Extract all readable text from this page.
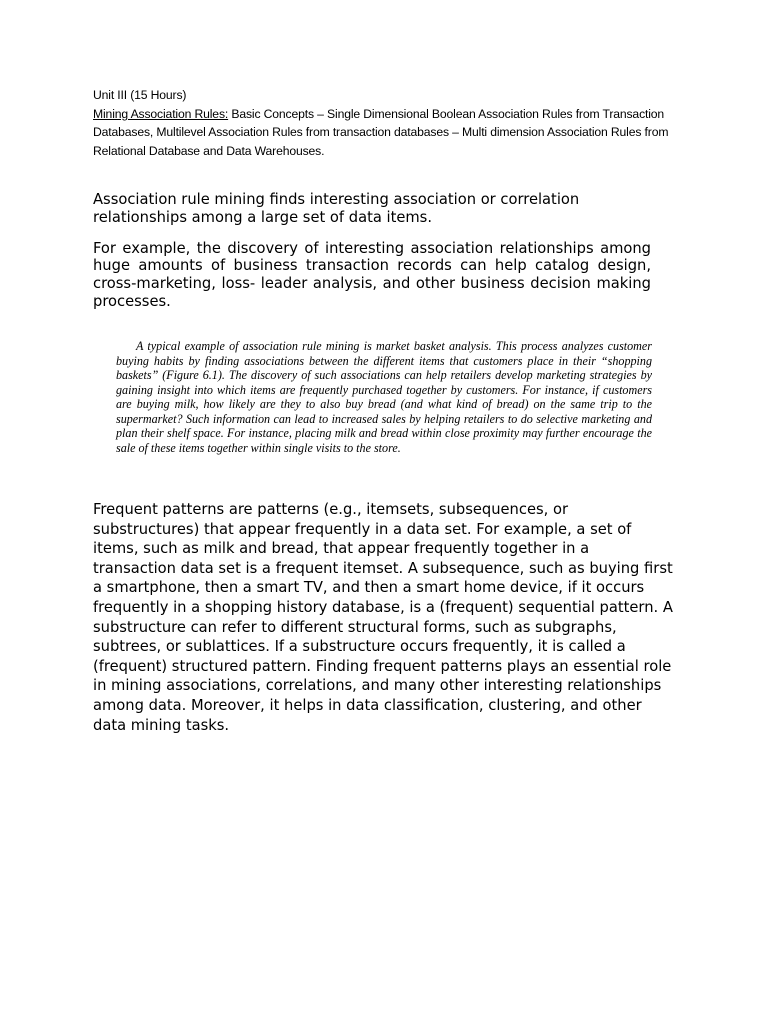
Unit III (15 Hours)
Mining Association Rules: Basic Concepts – Single Dimensional Boolean Association Rules from Transaction Databases, Multilevel Association Rules from transaction databases – Multi dimension Association Rules from Relational Database and Data Warehouses.

Association rule mining finds interesting association or correlation relationships among a large set of data items.

For example, the discovery of interesting association relationships among huge amounts of business transaction records can help catalog design, cross-marketing, loss- leader analysis, and other business decision making processes.

A typical example of association rule mining is market basket analysis. This process analyzes customer buying habits by finding associations between the different items that customers place in their “shopping baskets” (Figure 6.1). The discovery of such associations can help retailers develop marketing strategies by gaining insight into which items are frequently purchased together by customers. For instance, if customers are buying milk, how likely are they to also buy bread (and what kind of bread) on the same trip to the supermarket? Such information can lead to increased sales by helping retailers to do selective marketing and plan their shelf space. For instance, placing milk and bread within close proximity may further encourage the sale of these items together within single visits to the store.

Frequent patterns are patterns (e.g., itemsets, subsequences, or substructures) that appear frequently in a data set. For example, a set of items, such as milk and bread, that appear frequently together in a transaction data set is a frequent itemset. A subsequence, such as buying first a smartphone, then a smart TV, and then a smart home device, if it occurs frequently in a shopping history database, is a (frequent) sequential pattern. A substructure can refer to different structural forms, such as subgraphs, subtrees, or sublattices. If a substructure occurs frequently, it is called a (frequent) structured pattern. Finding frequent patterns plays an essential role in mining associations, correlations, and many other interesting relationships among data. Moreover, it helps in data classification, clustering, and other data mining tasks.
